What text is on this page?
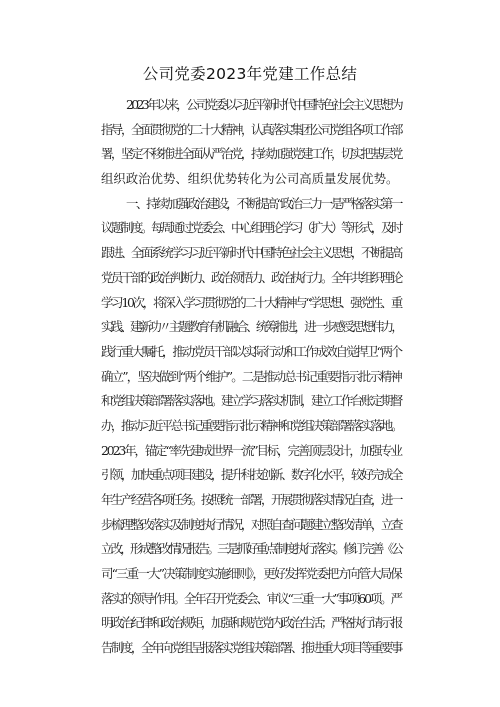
公司党委2023年党建工作总结
2023年以来，公司党委以习近平新时代中国特色社会主义思想为
指导，全面贯彻党的二十大精神，认真落实集团公司党组各项工作部
署，坚定不移推进全面从严治党，持续加强党建工作，切实把基层党
组织政治优势、组织优势转化为公司高质量发展优势。
一、持续加强政治建设，不断提高“政治三力一是严格落实第一
议题制度。每周通过党委会、中心组理论学习（扩大）等形式，及时
跟进、全面系统学习习近平新时代中国特色社会主义思想，不断提高
党员干部的政治判断力、政治领悟力、政治执行力。全年共组织理论
学习10次，将深入学习贯彻党的二十大精神与“学思想、强党性、重
实践、建新功〃主题教育有机融合、统筹推进，进一步感受思想伟力，
践行重大嘱托，推动党员干部以实际行动和工作成效自觉捍卫“两个
确立”，坚决做到“两个维护”。二是推动总书记重要指示批示精神
和党组决策部署落实落地。建立学习落实机制，建立工作台账定期督
办，推动习近平总书记重要指示批示精神和党组决策部署落实落地。
2023年，锚定“率先建成世界一流”目标，完善顶层设计，加强专业
引领，加快重点项目建设，提升科技创新、数字化水平，较好完成全
年生产经营各项任务。按照统一部署，开展贯彻落实情况自查，进一
步梳理整改落实及制度执行情况，对照自查问题建立整改清单，立查
立改，形成整改情况报告。三是抓好重点制度执行落实。修订完善《公
司“三重一大”决策制度实施细则》，更好发挥党委把方向管大局保
落实的领导作用。全年召开党委会、审议“三重一大”事项60项。严
明政治纪律和政治规矩，加强和规范党内政治生活；严格执行请示报
告制度，全年向党组呈报落实党组决策部署、推进重大项目等重要事
